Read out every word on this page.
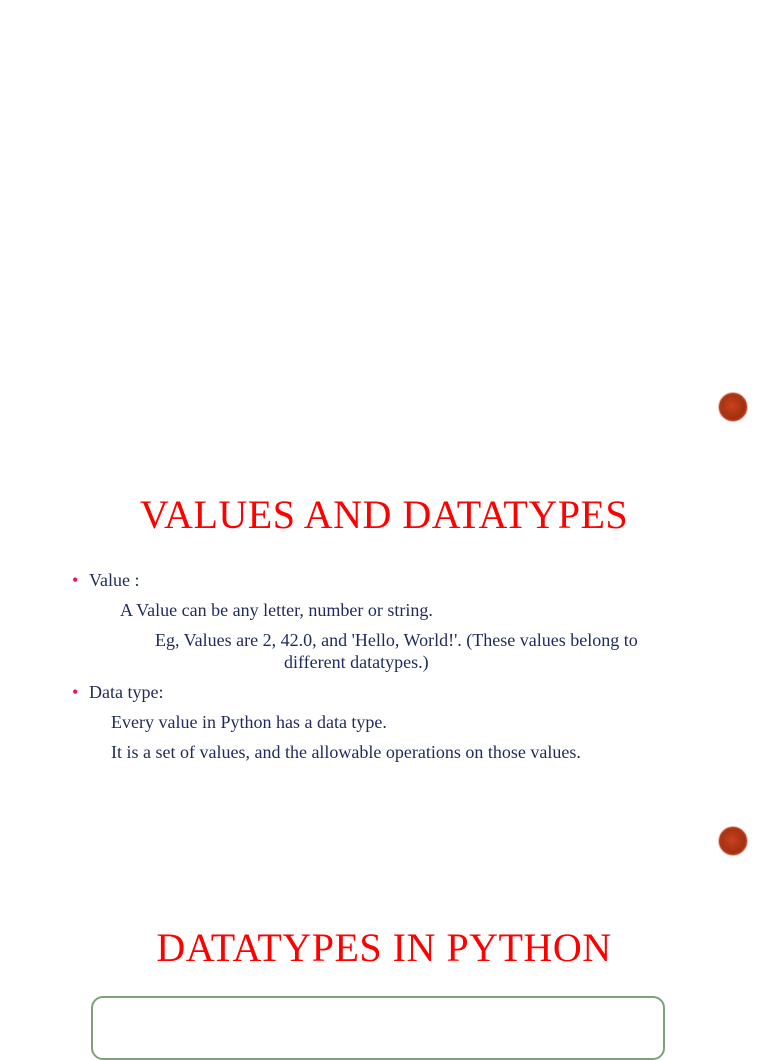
VALUES AND DATATYPES
• Value :
A Value can be any letter, number or string.
Eg, Values are 2, 42.0, and 'Hello, World!'. (These values belong to
different datatypes.)
• Data type:
Every value in Python has a data type.
It is a set of values, and the allowable operations on those values.
DATATYPES IN PYTHON
